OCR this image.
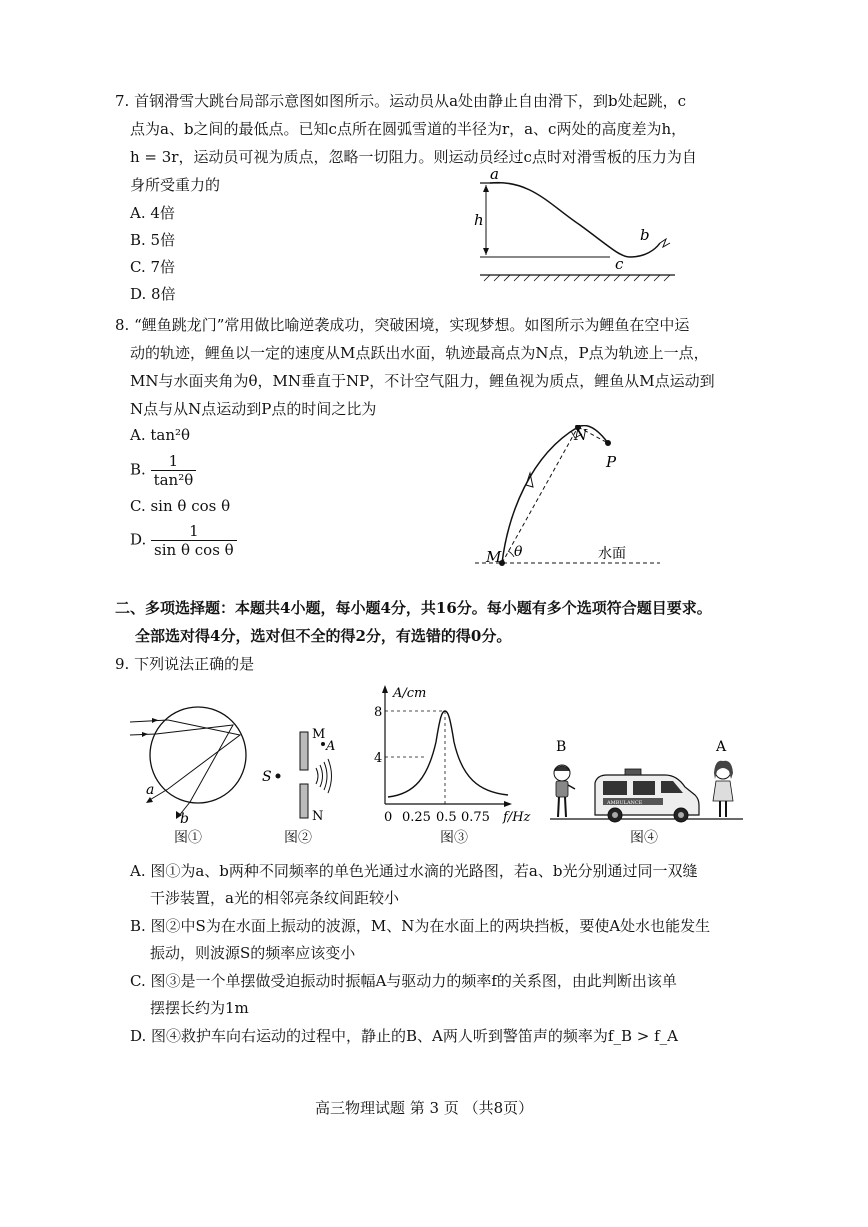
7. 首钢滑雪大跳台局部示意图如图所示。运动员从a处由静止自由滑下，到b处起跳，c
点为a、b之间的最低点。已知c点所在圆弧雪道的半径为r，a、c两处的高度差为h，
h = 3r，运动员可视为质点，忽略一切阻力。则运动员经过c点时对滑雪板的压力为自
身所受重力的
A. 4倍
B. 5倍
C. 7倍
D. 8倍
a
h
c
b
8. “鲤鱼跳龙门”常用做比喻逆袭成功，突破困境，实现梦想。如图所示为鲤鱼在空中运
动的轨迹，鲤鱼以一定的速度从M点跃出水面，轨迹最高点为N点，P点为轨迹上一点，
MN与水面夹角为θ，MN垂直于NP，不计空气阻力，鲤鱼视为质点，鲤鱼从M点运动到
N点与从N点运动到P点的时间之比为
A. tan²θ
B. $\frac{1}{\text{tan²θ}}$
C. sin θ cos θ
D. $\frac{1}{\text{sin θ cos θ}}$	M θ
N
P
水面
二、多项选择题：本题共4小题，每小题4分，共16分。每小题有多个选项符合题目要求。
全部选对得4分，选对但不全的得2分，有选错的得0分。
9. 下列说法正确的是
a
b
图①
S
M
A
N
图②
A/cm
8
4
0 0.25 0.5 0.75 f/Hz
图③
B
AMBULANCE
A
图④
A. 图①为a、b两种不同频率的单色光通过水滴的光路图，若a、b光分别通过同一双缝
干涉装置，a光的相邻亮条纹间距较小
B. 图②中S为在水面上振动的波源，M、N为在水面上的两块挡板，要使A处水也能发生
振动，则波源S的频率应该变小
C. 图③是一个单摆做受迫振动时振幅A与驱动力的频率f的关系图，由此判断出该单
摆摆长约为1m
D. 图④救护车向右运动的过程中，静止的B、A两人听到警笛声的频率为f_B > f_A
高三物理试题 第 3 页 （共8页）
